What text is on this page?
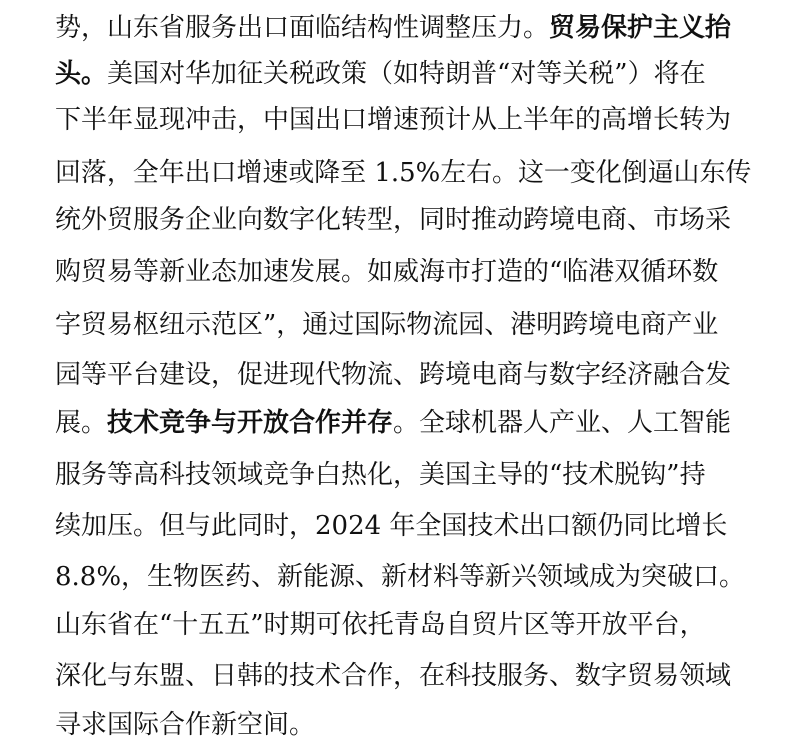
势，山东省服务出口面临结构性调整压力。贸易保护主义抬
头。美国对华加征关税政策（如特朗普“对等关税”）将在
下半年显现冲击，中国出口增速预计从上半年的高增长转为
回落，全年出口增速或降至 1.5%左右。这一变化倒逼山东传
统外贸服务企业向数字化转型，同时推动跨境电商、市场采
购贸易等新业态加速发展。如威海市打造的“临港双循环数
字贸易枢纽示范区”，通过国际物流园、港明跨境电商产业
园等平台建设，促进现代物流、跨境电商与数字经济融合发
展。技术竞争与开放合作并存。全球机器人产业、人工智能
服务等高科技领域竞争白热化，美国主导的“技术脱钩”持
续加压。但与此同时，2024 年全国技术出口额仍同比增长
8.8%，生物医药、新能源、新材料等新兴领域成为突破口。
山东省在“十五五”时期可依托青岛自贸片区等开放平台，
深化与东盟、日韩的技术合作，在科技服务、数字贸易领域
寻求国际合作新空间。
